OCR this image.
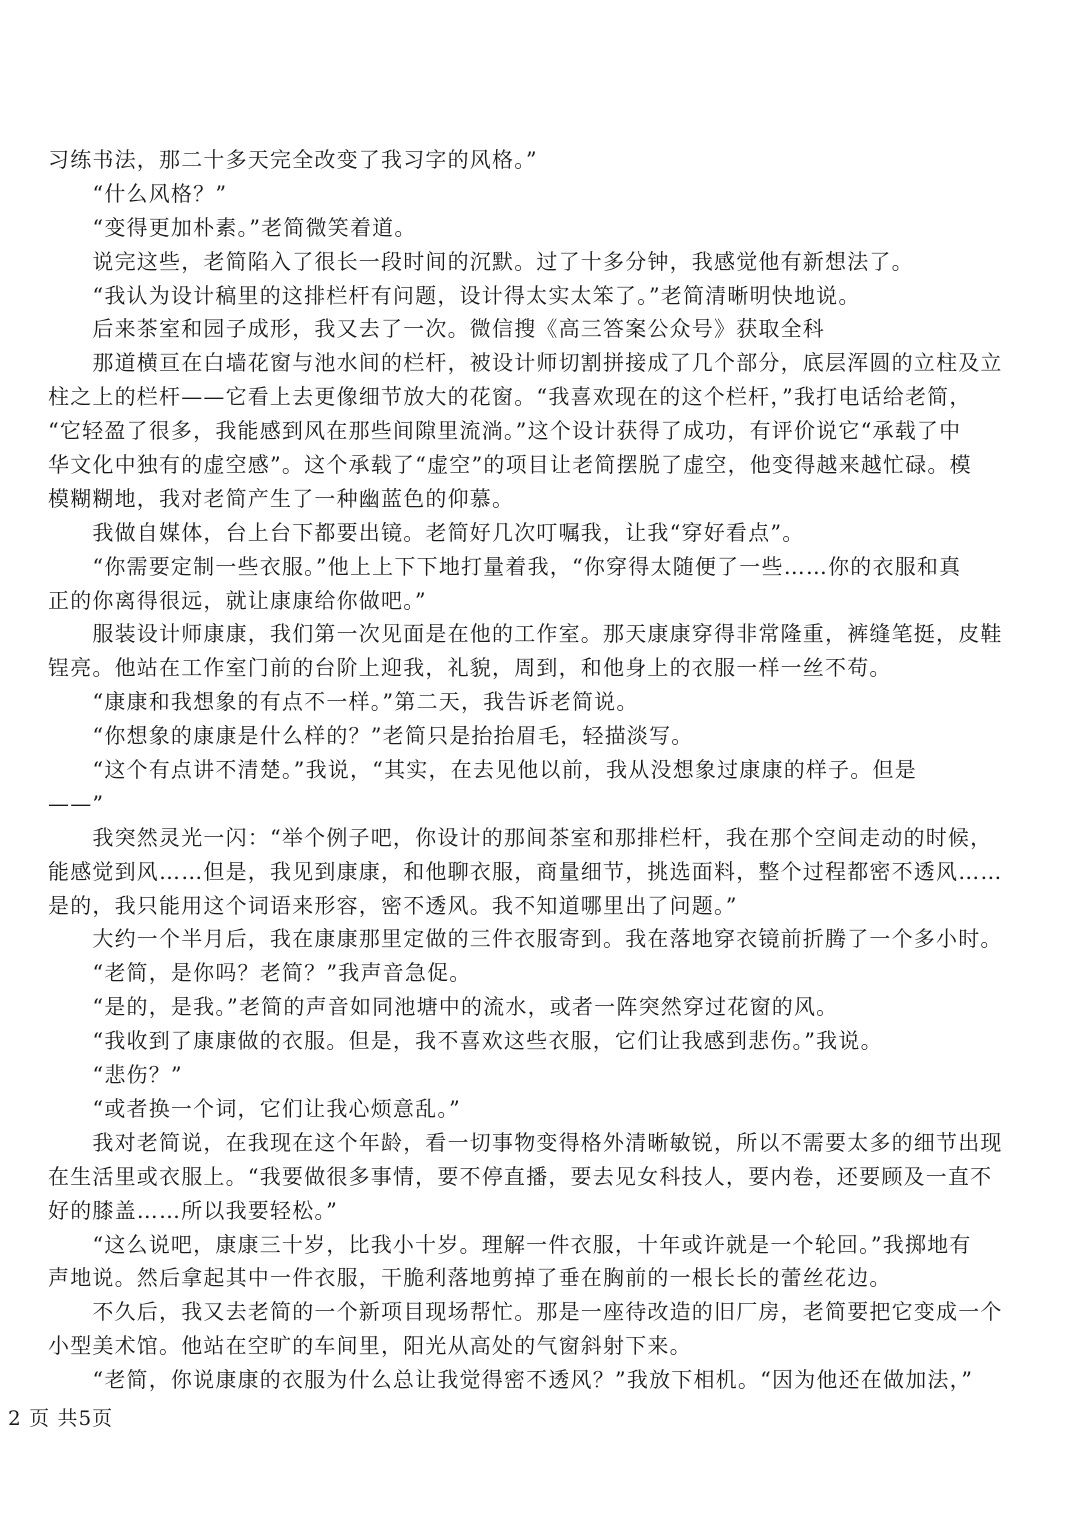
习练书法，那二十多天完全改变了我习字的风格。”
　　“什么风格？”
　　“变得更加朴素。”老简微笑着道。
　　说完这些，老简陷入了很长一段时间的沉默。过了十多分钟，我感觉他有新想法了。
　　“我认为设计稿里的这排栏杆有问题，设计得太实太笨了。”老简清晰明快地说。
　　后来茶室和园子成形，我又去了一次。微信搜《高三答案公众号》获取全科
　　那道横亘在白墙花窗与池水间的栏杆，被设计师切割拼接成了几个部分，底层浑圆的立柱及立
柱之上的栏杆——它看上去更像细节放大的花窗。“我喜欢现在的这个栏杆，”我打电话给老简，
“它轻盈了很多，我能感到风在那些间隙里流淌。”这个设计获得了成功，有评价说它“承载了中
华文化中独有的虚空感”。这个承载了“虚空”的项目让老简摆脱了虚空，他变得越来越忙碌。模
模糊糊地，我对老简产生了一种幽蓝色的仰慕。
　　我做自媒体，台上台下都要出镜。老简好几次叮嘱我，让我“穿好看点”。
　　“你需要定制一些衣服。”他上上下下地打量着我，“你穿得太随便了一些……你的衣服和真
正的你离得很远，就让康康给你做吧。”
　　服装设计师康康，我们第一次见面是在他的工作室。那天康康穿得非常隆重，裤缝笔挺，皮鞋
锃亮。他站在工作室门前的台阶上迎我，礼貌，周到，和他身上的衣服一样一丝不苟。
　　“康康和我想象的有点不一样。”第二天，我告诉老简说。
　　“你想象的康康是什么样的？”老简只是抬抬眉毛，轻描淡写。
　　“这个有点讲不清楚。”我说，“其实，在去见他以前，我从没想象过康康的样子。但是
——”
　　我突然灵光一闪：“举个例子吧，你设计的那间茶室和那排栏杆，我在那个空间走动的时候，
能感觉到风……但是，我见到康康，和他聊衣服，商量细节，挑选面料，整个过程都密不透风……
是的，我只能用这个词语来形容，密不透风。我不知道哪里出了问题。”
　　大约一个半月后，我在康康那里定做的三件衣服寄到。我在落地穿衣镜前折腾了一个多小时。
　　“老简，是你吗？老简？”我声音急促。
　　“是的，是我。”老简的声音如同池塘中的流水，或者一阵突然穿过花窗的风。
　　“我收到了康康做的衣服。但是，我不喜欢这些衣服，它们让我感到悲伤。”我说。
　　“悲伤？”
　　“或者换一个词，它们让我心烦意乱。”
　　我对老简说，在我现在这个年龄，看一切事物变得格外清晰敏锐，所以不需要太多的细节出现
在生活里或衣服上。“我要做很多事情，要不停直播，要去见女科技人，要内卷，还要顾及一直不
好的膝盖……所以我要轻松。”
　　“这么说吧，康康三十岁，比我小十岁。理解一件衣服，十年或许就是一个轮回。”我掷地有
声地说。然后拿起其中一件衣服，干脆利落地剪掉了垂在胸前的一根长长的蕾丝花边。
　　不久后，我又去老简的一个新项目现场帮忙。那是一座待改造的旧厂房，老简要把它变成一个
小型美术馆。他站在空旷的车间里，阳光从高处的气窗斜射下来。
　　“老简，你说康康的衣服为什么总让我觉得密不透风？”我放下相机。“因为他还在做加法，”
2 页 共5页
